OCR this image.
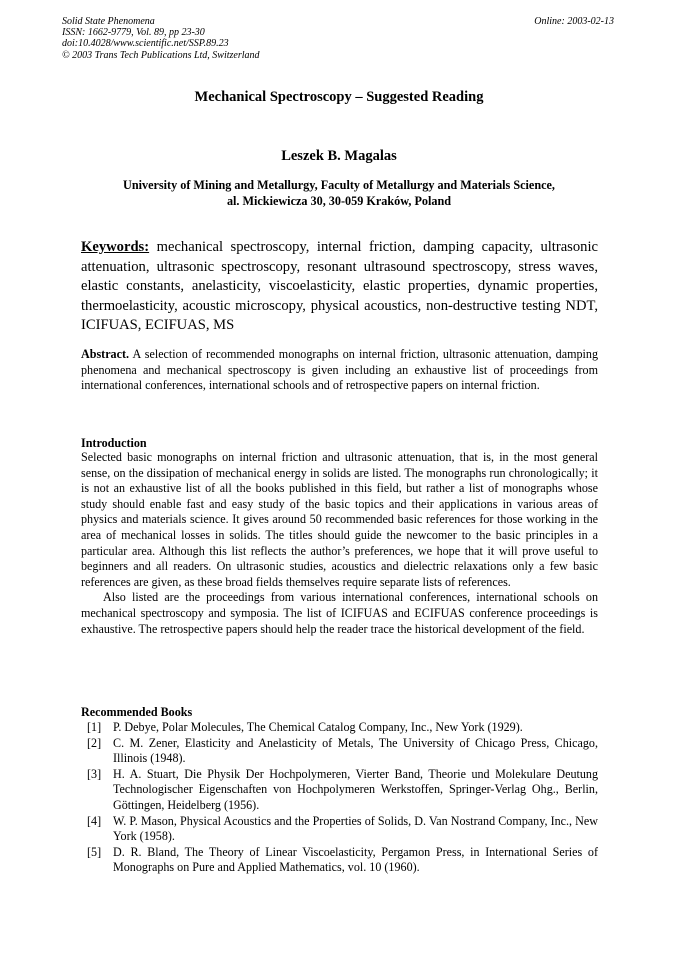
Solid State Phenomena
ISSN: 1662-9779, Vol. 89, pp 23-30
doi:10.4028/www.scientific.net/SSP.89.23
© 2003 Trans Tech Publications Ltd, Switzerland
Online: 2003-02-13
Mechanical Spectroscopy – Suggested Reading
Leszek B. Magalas
University of Mining and Metallurgy, Faculty of Metallurgy and Materials Science,
al. Mickiewicza 30, 30-059 Kraków, Poland
Keywords: mechanical spectroscopy, internal friction, damping capacity, ultrasonic attenuation, ultrasonic spectroscopy, resonant ultrasound spectroscopy, stress waves, elastic constants, anelasticity, viscoelasticity, elastic properties, dynamic properties, thermoelasticity, acoustic microscopy, physical acoustics, non-destructive testing NDT, ICIFUAS, ECIFUAS, MS
Abstract. A selection of recommended monographs on internal friction, ultrasonic attenuation, damping phenomena and mechanical spectroscopy is given including an exhaustive list of proceedings from international conferences, international schools and of retrospective papers on internal friction.
Introduction

Selected basic monographs on internal friction and ultrasonic attenuation, that is, in the most general sense, on the dissipation of mechanical energy in solids are listed. The monographs run chronologically; it is not an exhaustive list of all the books published in this field, but rather a list of monographs whose study should enable fast and easy study of the basic topics and their applications in various areas of physics and materials science. It gives around 50 recommended basic references for those working in the area of mechanical losses in solids. The titles should guide the newcomer to the basic principles in a particular area. Although this list reflects the author’s preferences, we hope that it will prove useful to beginners and all readers. On ultrasonic studies, acoustics and dielectric relaxations only a few basic references are given, as these broad fields themselves require separate lists of references.

Also listed are the proceedings from various international conferences, international schools on mechanical spectroscopy and symposia. The list of ICIFUAS and ECIFUAS conference proceedings is exhaustive. The retrospective papers should help the reader trace the historical development of the field.

Recommended Books
[1] P. Debye, Polar Molecules, The Chemical Catalog Company, Inc., New York (1929).
[2] C. M. Zener, Elasticity and Anelasticity of Metals, The University of Chicago Press, Chicago, Illinois (1948).
[3] H. A. Stuart, Die Physik Der Hochpolymeren, Vierter Band, Theorie und Molekulare Deutung Technologischer Eigenschaften von Hochpolymeren Werkstoffen, Springer-Verlag Ohg., Berlin, Göttingen, Heidelberg (1956).
[4] W. P. Mason, Physical Acoustics and the Properties of Solids, D. Van Nostrand Company, Inc., New York (1958).
[5] D. R. Bland, The Theory of Linear Viscoelasticity, Pergamon Press, in International Series of Monographs on Pure and Applied Mathematics, vol. 10 (1960).
